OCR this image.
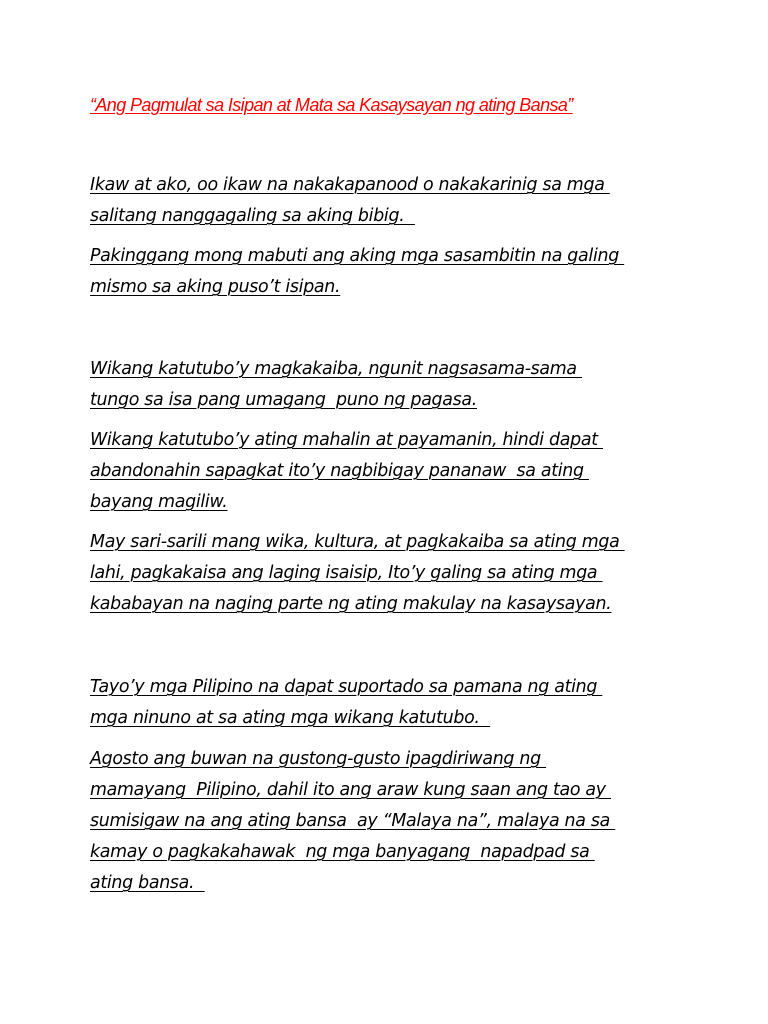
“Ang Pagmulat sa Isipan at Mata sa Kasaysayan ng ating Bansa”

Ikaw at ako, oo ikaw na nakakapanood o nakakarinig sa mga
salitang nanggagaling sa aking bibig.

Pakinggang mong mabuti ang aking mga sasambitin na galing
mismo sa aking puso’t isipan.

Wikang katutubo’y magkakaiba, ngunit nagsasama-sama
tungo sa isa pang umagang  puno ng pagasa.

Wikang katutubo’y ating mahalin at payamanin, hindi dapat
abandonahin sapagkat ito’y nagbibigay pananaw  sa ating
bayang magiliw.

May sari-sarili mang wika, kultura, at pagkakaiba sa ating mga
lahi, pagkakaisa ang laging isaisip, Ito’y galing sa ating mga
kababayan na naging parte ng ating makulay na kasaysayan.

Tayo’y mga Pilipino na dapat suportado sa pamana ng ating
mga ninuno at sa ating mga wikang katutubo.

Agosto ang buwan na gustong-gusto ipagdiriwang ng
mamayang  Pilipino, dahil ito ang araw kung saan ang tao ay
sumisigaw na ang ating bansa  ay “Malaya na”, malaya na sa
kamay o pagkakahawak  ng mga banyagang  napadpad sa
ating bansa.
